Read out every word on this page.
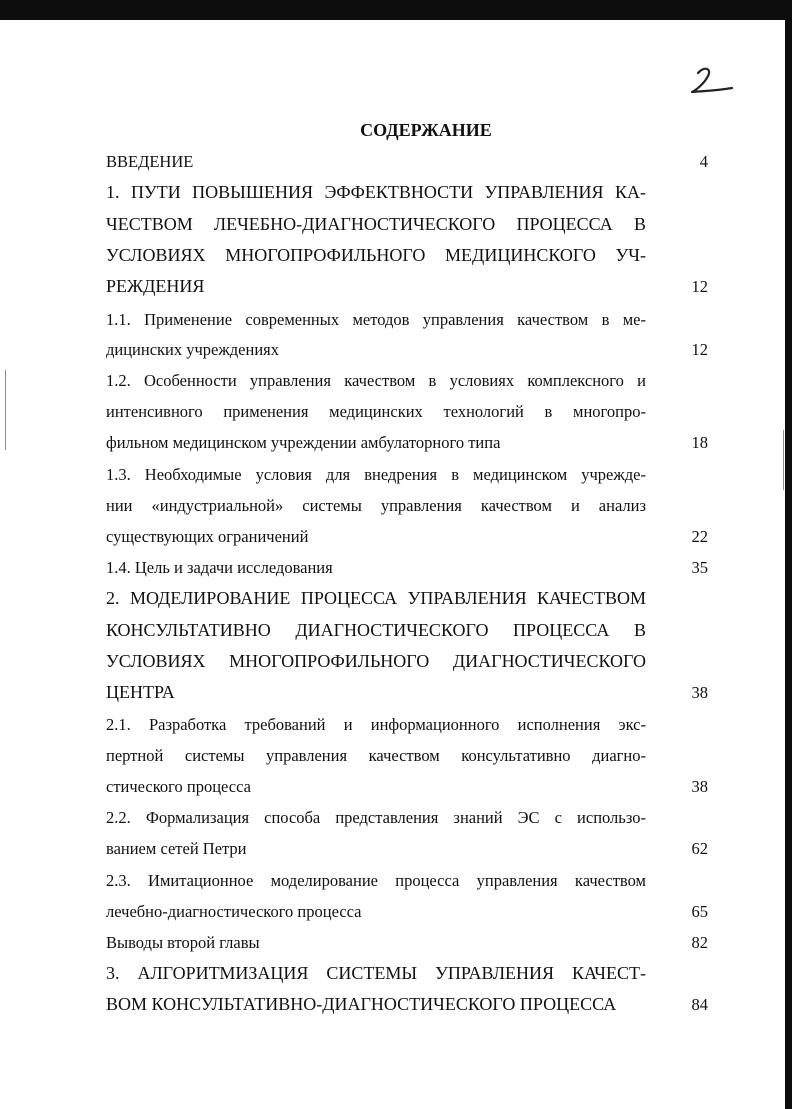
СОДЕРЖАНИЕ
ВВЕДЕНИЕ	4
1. ПУТИ ПОВЫШЕНИЯ ЭФФЕКТВНОСТИ УПРАВЛЕНИЯ КА-
ЧЕСТВОМ ЛЕЧЕБНО-ДИАГНОСТИЧЕСКОГО ПРОЦЕССА В
УСЛОВИЯХ МНОГОПРОФИЛЬНОГО МЕДИЦИНСКОГО УЧ-
РЕЖДЕНИЯ	12
1.1. Применение современных методов управления качеством в ме-
дицинских учреждениях	12
1.2. Особенности управления качеством в условиях комплексного и
интенсивного применения медицинских технологий в многопро-
фильном медицинском учреждении амбулаторного типа	18
1.3. Необходимые условия для внедрения в медицинском учрежде-
нии «индустриальной» системы управления качеством и анализ
существующих ограничений	22
1.4. Цель и задачи исследования	35
2. МОДЕЛИРОВАНИЕ ПРОЦЕССА УПРАВЛЕНИЯ КАЧЕСТВОМ
КОНСУЛЬТАТИВНО ДИАГНОСТИЧЕСКОГО ПРОЦЕССА В
УСЛОВИЯХ МНОГОПРОФИЛЬНОГО ДИАГНОСТИЧЕСКОГО
ЦЕНТРА	38
2.1. Разработка требований и информационного исполнения экс-
пертной системы управления качеством консультативно диагно-
стического процесса	38
2.2. Формализация способа представления знаний ЭС с использо-
ванием сетей Петри	62
2.3. Имитационное моделирование процесса управления качеством
лечебно-диагностического процесса	65
Выводы второй главы	82
3. АЛГОРИТМИЗАЦИЯ СИСТЕМЫ УПРАВЛЕНИЯ КАЧЕСТ-
ВОМ КОНСУЛЬТАТИВНО-ДИАГНОСТИЧЕСКОГО ПРОЦЕССА	84
